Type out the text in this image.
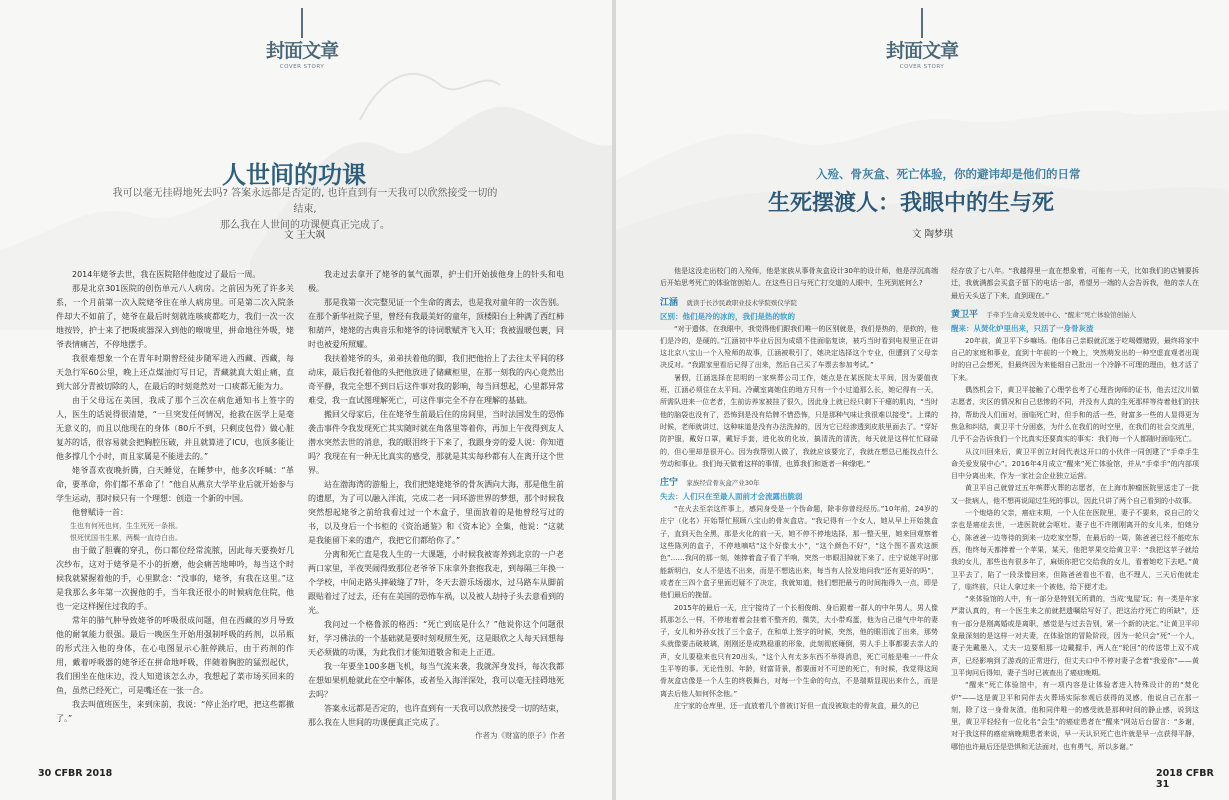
封面文章
COVER STORY
人世间的功课
我可以毫无挂碍地死去吗? 答案永远都是否定的, 也许直到有一天我可以欣然接受一切的结束,
那么我在人世间的功课便真正完成了。
文 王大飒

2014年姥爷去世，我在医院陪伴他度过了最后一周。

那是北京301医院的创伤单元八人病房。之前因为死了许多关系，一个月前第一次入院姥爷住在单人病房里。可是第二次入院条件却大不如前了，姥爷在最后时刻就连咳痰都吃力，我们一次一次地按铃，护士来了把吸痰器深入到他的喉咙里，拼命地往外吸，姥爷表情痛苦，不停地摆手。

我很难想象一个在青年时期曾经徒步随军进入西藏、西藏，每天急行军60公里，晚上还点煤油灯写日记，青藏就真大姐止痛，直到大部分青被切除的人，在最后的时刻竟然对一口痰都无能为力。

由于父母远在美国，我成了那个三次在病危通知书上签字的人，医生的话说得很清楚，“一旦突发任何情况，抢救在医学上是毫无意义的，而且以他现在的身体（80斤不到，只剩皮包骨）做心脏复苏的话，很容易就会把胸腔压破，并且就算进了ICU，也顶多能让他多撑几个小时，而且家属是不能进去的。”

姥爷喜欢夜晚折腾，白天睡觉，在睡梦中，他多次呼喊：“革命，要革命，你们都不革命了！”他自从燕京大学毕业后就开始参与学生运动，那时候只有一个理想：创造一个新的中国。

他曾赋诗一首：

生也有何死也何，生生死死一条根。

恨死忧国书生累，两鬓一直待白由。

由于做了胆囊的穿孔，伤口都位经常流脓，因此每天要换好几次纱布，这对于姥爷是不小的折磨，他会痛苦地呻吟，每当这个时候我就紧握着他的手，心里默念：“没事的，姥爷，有我在这里。”这是我那么多年第一次握他的手，当年我还很小的时候病危住院，他也一定这样握住过我的手。

常年的肺气肿导致姥爷的呼吸很成问题，但在西藏的岁月导致他的耐氧能力很强。最后一晚医生开始用强制呼吸的药剂，以吊瓶的形式注入他的身体，在心电图显示心脏停跳后，由于药剂的作用，戴着呼吸器的姥爷还在拼命地呼吸，伴随着胸腔的猛烈起伏，我们围坐在他床边，没人知道该怎么办，我想起了菜市场买回来的鱼，虽然已经死亡，可是嘴还在一张一合。

我去叫值班医生，来到床前，我说：“停止治疗吧，把这些都撤了。”

我走过去拿开了姥爷的氧气面罩，护士们开始拔他身上的针头和电极。

那是我第一次完整见证一个生命的离去，也是我对童年的一次告别。在那个新华社院子里，曾经有我最美好的童年，顶楼阳台上种满了西红柿和葫芦，姥姥的古典音乐和姥爷的诗词歌赋齐飞入耳；我被温暖包裹，同时也被爱所照耀。

我扶着姥爷的头，弟弟扶着他的脚，我们把他抬上了去往太平间的移动床，最后我托着他的头把他放进了储藏柜里，在那一刻我的内心竟然出奇平静，我完全想不到日后这件事对我的影响，每当回想起，心里都异常难受，我一直试图理解死亡，可这件事完全不存在理解的基础。

搬回父母家后，住在姥爷生前最后住的房间里，当时法国发生的恐怖袭击事件令我发现死亡其实随时就在角落里等着你，再加上午夜得到友人潜水突然去世的消息，我的眼泪终于下来了，我跟身旁的爱人说：你知道吗？我现在有一种无比真实的感受，那就是其实每秒都有人在离开这个世界。

站在渤海湾的游船上，我们把姥姥姥爷的骨灰洒向大海，那是他生前的遗愿，为了可以融入洋流，完成二老一同环游世界的梦想，那个时候我突然想起姥爷之前给我看过过一个木盒子，里面放着的是他曾经写过的书，以及身后一个书柜的《资治通鉴》和《资本论》全集，他说：“这就是我能留下来的遗产，我把它们都给你了。”

分离和死亡直是我人生的一大课题，小时候我被寄养到北京的一户老两口家里，半夜哭闹得致那位老爷爷下床拿外套抱我走，到每隔三年换一个学校，中间走路头摔破缝了7针，冬天去游乐场溺水，过马路车从脚前跟贴着过了过去，还有在美国的恐怖车祸，以及被人劫持子头去意看到的光。

我问过一个格鲁派的格西：“死亡到底是什么？”他说你这个问题很好，学习佛法的一个基础就是要时刻观照生死，这是眼欣之人每天回想每天必须做的功课，为此我们才能知道敬舍和走上正道。

我一年要坐100多趟飞机，每当气流来袭，我就浑身发抖，每次我都在想如果机舱就此在空中解体，或者坠入海洋深处，我可以毫无挂碍地死去吗？

答案永远都是否定的，也许直到有一天我可以欣然接受一切的结束，那么我在人世间的功课便真正完成了。

作者为《财富的原子》作者
30 CFBR 2018
封面文章
COVER STORY
入殓、骨灰盒、死亡体验，你的避讳却是他们的日常
生死摆渡人：我眼中的生与死
文 陶梦琪

他是这没走出校门的入殓师，他是家族从事骨灰盒设计30年的设计师，他是浮沉高端后开始思考死亡的体验馆创始人。在这些日日与死亡打交道的人眼中，生死到底何么?

江涵 就读于长沙民政职业技术学院殡仪学院
区别：他们是冷的冰的，我们是热的软的

“对于遗体，在我眼中，我觉得他们跟我们唯一的区别就是，我们是热的，是软的，他们是冷的，是硬的。”江涵初中毕业后因为成绩不佳面临复读，被巧当时看到电视里正在讲这北京八宝山一个入殓师的故事，江涵被吸引了，她决定选择这个专业，但遭到了父母亲决反对。“我跟家里看后记得了出来，然后自己买了车票去参加考试。”

暑假，江涵选择在昆明的一家殡葬公司工作，她点是在某医院太平间，因为要值夜班，江涵必须住在太平间。冷藏室离她住的地方只有一个小过道那么长，她记得有一天，所需队进来一位老者，生前访养家被挂了很久，因此身上就已经只剩下干瘪的肌肉，“当时他的脑袋也没有了，恐怖到是没有给牌不惜恐怖，只是那种气味让我很难以接受”。上课的时候，老师就讲过，这种味道是没有办法洗掉的，因为它已经渗透到皮肤里面去了。“穿好防护服，戴好口罩，戴好手套，进化妆的化妆，搞清洗的清洗，每天就是这样忙忙碌碌的，但心里却是很开心。因为我帮别人做了，我就应该要完了，我就在想总已能找点什么劳动和事业。我们每天做着这样的事情，也算我们和逝者一种缘吧。”

庄宁 家族经营骨灰盒产业30年
失去：人们只在至最人面前才会流露出脆弱

“在火去至亲这件事上，感同身受是一个伪命题，除非你曾经经历。”10年前，24岁的庄宁（化名）开始帮忙照顾八宝山的骨灰盒店。“我记得有一个女人，她从早上开始挑盒子，直到天色全黑，那是火化的前一天，她不停不停地选择，那一整天里，她来回观察着这些陈列的盒子，不停地嘀咕“这个好像太小”，“这个颜色不好”，“这个图不喜欢这颜色”……我问的那一刻，她捧着盒子看了半响，突然一串眼泪掉就下来了。庄宁说她平时那能新明白，女人不是选不出来，而是不想选出来，每当有人捡发地问我“还有更好的吗”，或者在三四个盒子里面迟疑不了决定，我就知道，他们想把最亏的时间拖得久一点，即是他们最后的挽留。

2015年的最后一天，庄宁接待了一个长相俊朗、身后跟着一群人的中年男人，男人像抓那怎么一样，不停地着着会挂着不整齐的，微笑，大小带鸡蛋，他为自己谁气中年的妻子，女儿和外孙女找了三个盒子，在和单上签字的时候，突然，他的眼泪流了出来，那势头就像要击破玻璃，刚刚还是成熟稳重的形象，此刻彻底瘫倒，男人手上事都要去亲人的声，女儿要稳来也只有20出头，“这个人有太多东西不举得消息，死亡可能是唯一一件众生平等的事。无论性别、年龄，财富背景，都要面对不可逆的死亡，有时候，我觉得这间骨灰盒店像是一个人生的终极舞台，对每一个生命的句点，不是瑞斯显现出来什么，而是离去后他人如何怀念他。”

庄宁家的仓库里，还一直放着几个曾被订好但一直没被取走的骨灰盒，最久的已

经存放了七八年。“我越得里一直在想象着，可能有一天，比如我们的店铺要拆迁，我就满都会买盒子留下的电话一部，希望另一端的人会告诉我，他的亲人在最后天头送了下来，直到现在。”

黄卫平 手牵手生命关爱发展中心、“醒来”死亡体验馆创始人
醒来：从焚化炉里出来，只活了一身骨灰渣

20年前，黄卫平下乡嘛场。他体自己亲眼就沉迷于吃喝嫖赌毁，最终将家中自己的家庭和事业，直到十年前的一个晚上，突然萌发出的一种空虚直观者出现时的自己会想死，但最终因为来能细自己批出一个冷静不可理的理由，他才活了下来。

偶然机会下，黄卫平接触了心理学也考了心理咨询师的证书，他去过汶川做志愿者，灾区的情况和自己悲惨的不同，并没有人真的生死那样等待着他们的扶持，帮助没人们面对，面临死亡时，但手和的活一些，财富多一些的人显得更为焦急和纠结，黄卫平十分困惑，为什么在我们的时空里，在我们的社会交流里，几乎不会告诉我们一个比真实还要真实的事实：我们每一个人都随时面临死亡。

从汶川回来后，黄卫平创立时间代表这开口的小伙伴一同创建了“手牵手生命关爱发展中心”。2016年4月成立“醒来”死亡体验馆，并从“手牵手”的内部项目中分离出来，作为一家社会企业独立运营。

黄卫平自己就曾过五年殡葬火葬的志愿者，在上海市肿瘤医院里送走了一批又一批病人，他不想再说闻过生死的事以，因此只讲了两个自己看到的小故事。

一个炮烙的父亲，癌症末期，一个人住在医院里，妻子不要来，说自己的父亲也是癌症去世，一进医院就会呕吐。妻子也不许刚刚离开的女儿来，怕她分心，陈爸爸一边等待的到来一边吃家空帮，在最后的一周，陈爸爸已经不能吃东西，他终每天都捧着一个苹果，某天，他把苹果交给黄卫平：“我把这苹子就给我的女儿，那些也有很多年了，麻烦你把它交给我的女儿，看着她吃下去吧。”黄卫平去了，陷了一段录像回来，但陈爸爸看也不看，也不理人，三天后他就走了，临终前，只让人拿过来一个被他，给下便才走。

“来体验馆的人中，有一部分是特别无所谓的，当成‘鬼屋’玩；有一类是年家严肃认真的，有一个医生来之前就把遗嘱给写好了，把这治疗死亡的所缺”，还有一部分是刚离婚或是离职，感觉是与过去告别，紧一个新的决定。”让黄卫平印象最深刻的是这样一对夫妻，在体验馆的冒险阶段，因为一轮只会“死”一个人，妻子先戴墨入，丈夫一边要相那一边戴握手，两人在“轮回”的传送带上双不成声，已经影响到了游戏的正常进行，但丈夫口中不停对妻子念着“我爱你”——黄卫平询问后得知，妻子当时已被查出了癌症晚期。

“醒来”死亡体验馆中，有一项内容是让体验者进入特殊设计的的“焚化炉”——这是黄卫平和同伴去火葬场实际参观后获得的灵感，他说自己在那一刻，除了这一身骨灰渣，他和同伴唯一的感受就是那种时间的静止感，说到这里，黄卫平轻轻有一位化名“会生”的癌症患者在“醒来”网站后台留言：“多谢，对于我这样的癌症病晚期患者来说，早一天认识死亡也许就是早一点获得平静，哪怕也许最后还是恐惧和无法面对，也有勇气，所以多谢。”

2018 CFBR 31
